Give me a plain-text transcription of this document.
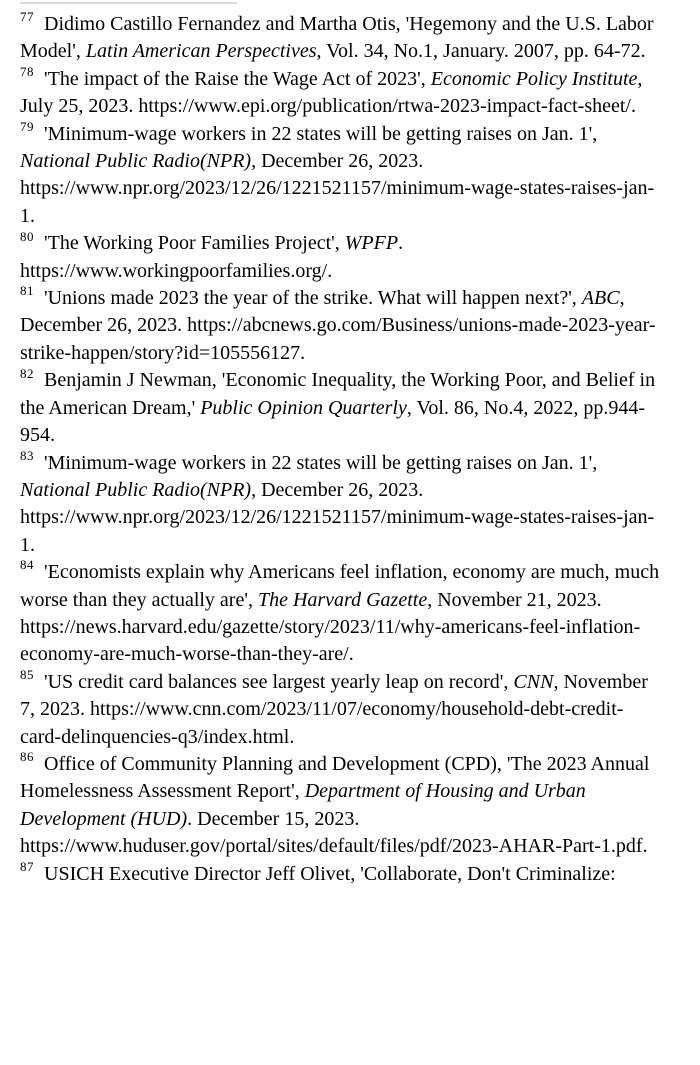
$^{77}$ Didimo Castillo Fernandez and Martha Otis, 'Hegemony and the U.S. Labor Model', Latin American Perspectives, Vol. 34, No.1, January. 2007, pp. 64-72.

$^{78}$ 'The impact of the Raise the Wage Act of 2023', Economic Policy Institute, July 25, 2023. https://www.epi.org/publication/rtwa-2023-impact-fact-sheet/.

$^{79}$ 'Minimum-wage workers in 22 states will be getting raises on Jan. 1', National Public Radio(NPR), December 26, 2023. https://www.npr.org/2023/12/26/1221521157/minimum-wage-states-raises-jan-1.

$^{80}$ 'The Working Poor Families Project', WPFP. https://www.workingpoorfamilies.org/.

$^{81}$ 'Unions made 2023 the year of the strike. What will happen next?', ABC, December 26, 2023. https://abcnews.go.com/Business/unions-made-2023-year-strike-happen/story?id=105556127.

$^{82}$ Benjamin J Newman, 'Economic Inequality, the Working Poor, and Belief in the American Dream,' Public Opinion Quarterly, Vol. 86, No.4, 2022, pp.944-954.

$^{83}$ 'Minimum-wage workers in 22 states will be getting raises on Jan. 1', National Public Radio(NPR), December 26, 2023. https://www.npr.org/2023/12/26/1221521157/minimum-wage-states-raises-jan-1.

$^{84}$ 'Economists explain why Americans feel inflation, economy are much, much worse than they actually are', The Harvard Gazette, November 21, 2023. https://news.harvard.edu/gazette/story/2023/11/why-americans-feel-inflation-economy-are-much-worse-than-they-are/.

$^{85}$ 'US credit card balances see largest yearly leap on record', CNN, November 7, 2023. https://www.cnn.com/2023/11/07/economy/household-debt-credit-card-delinquencies-q3/index.html.

$^{86}$ Office of Community Planning and Development (CPD), 'The 2023 Annual Homelessness Assessment Report', Department of Housing and Urban Development (HUD). December 15, 2023. https://www.huduser.gov/portal/sites/default/files/pdf/2023-AHAR-Part-1.pdf.

$^{87}$ USICH Executive Director Jeff Olivet, 'Collaborate, Don't Criminalize:
